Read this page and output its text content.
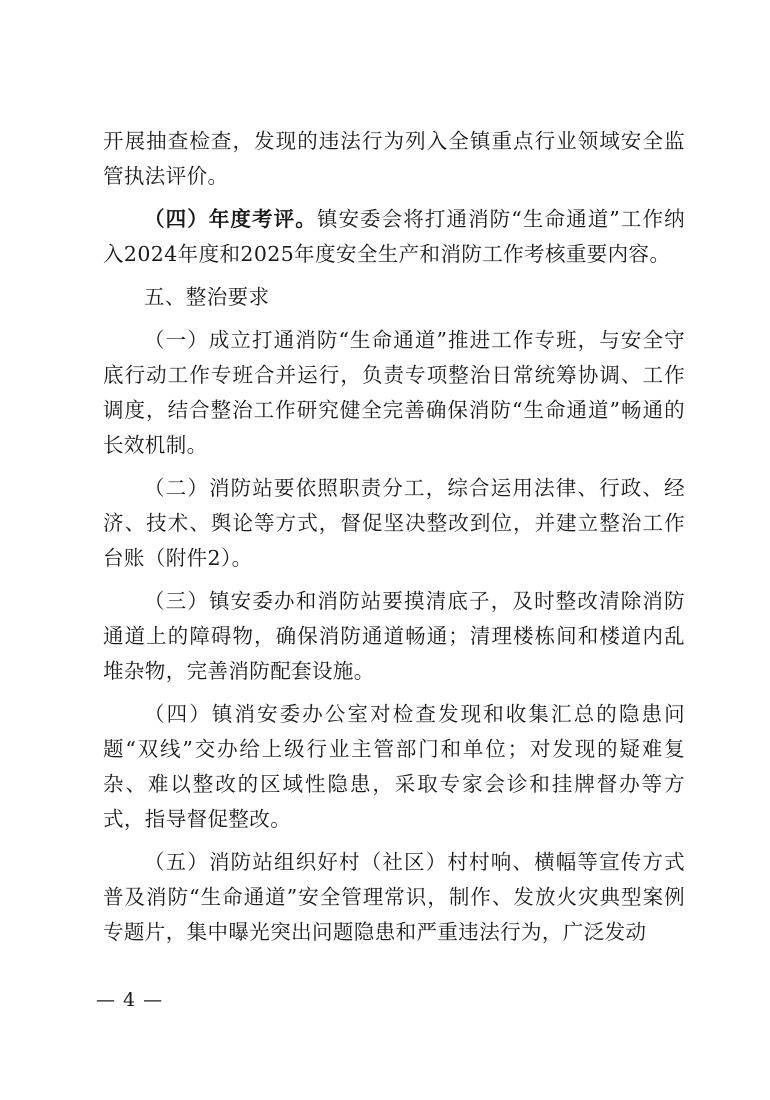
开展抽查检查，发现的违法行为列入全镇重点行业领域安全监管执法评价。

（四）年度考评。镇安委会将打通消防“生命通道”工作纳入2024年度和2025年度安全生产和消防工作考核重要内容。

五、整治要求

（一）成立打通消防“生命通道”推进工作专班，与安全守底行动工作专班合并运行，负责专项整治日常统筹协调、工作调度，结合整治工作研究健全完善确保消防“生命通道”畅通的长效机制。

（二）消防站要依照职责分工，综合运用法律、行政、经济、技术、舆论等方式，督促坚决整改到位，并建立整治工作台账（附件2）。

（三）镇安委办和消防站要摸清底子，及时整改清除消防通道上的障碍物，确保消防通道畅通；清理楼栋间和楼道内乱堆杂物，完善消防配套设施。

（四）镇消安委办公室对检查发现和收集汇总的隐患问题“双线”交办给上级行业主管部门和单位；对发现的疑难复杂、难以整改的区域性隐患，采取专家会诊和挂牌督办等方式，指导督促整改。

（五）消防站组织好村（社区）村村响、横幅等宣传方式普及消防“生命通道”安全管理常识，制作、发放火灾典型案例专题片，集中曝光突出问题隐患和严重违法行为，广泛发动

— 4 —
